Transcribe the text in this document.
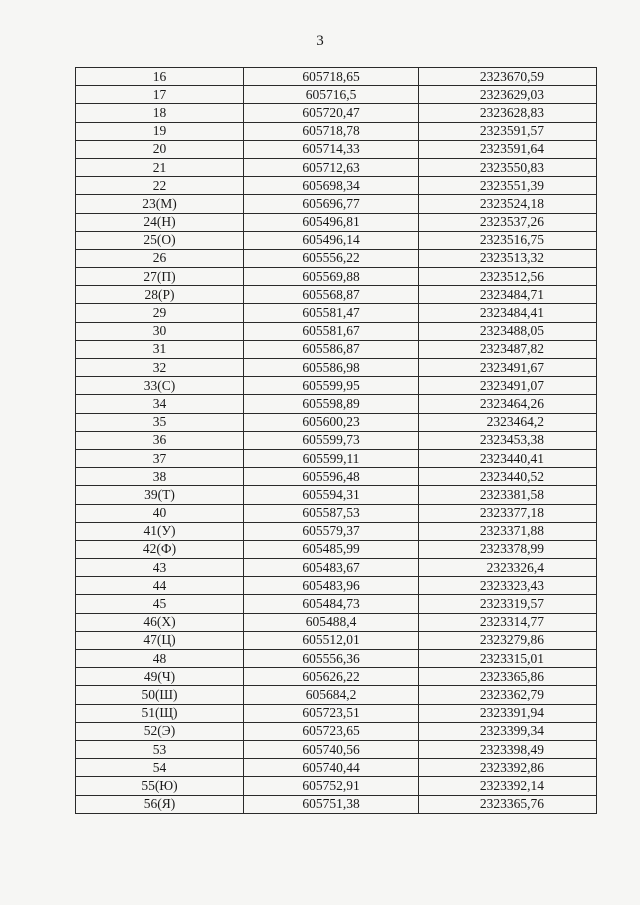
3
16	605718,65	2323670,59
17	605716,5	2323629,03
18	605720,47	2323628,83
19	605718,78	2323591,57
20	605714,33	2323591,64
21	605712,63	2323550,83
22	605698,34	2323551,39
23(М)	605696,77	2323524,18
24(Н)	605496,81	2323537,26
25(О)	605496,14	2323516,75
26	605556,22	2323513,32
27(П)	605569,88	2323512,56
28(Р)	605568,87	2323484,71
29	605581,47	2323484,41
30	605581,67	2323488,05
31	605586,87	2323487,82
32	605586,98	2323491,67
33(С)	605599,95	2323491,07
34	605598,89	2323464,26
35	605600,23	2323464,2
36	605599,73	2323453,38
37	605599,11	2323440,41
38	605596,48	2323440,52
39(Т)	605594,31	2323381,58
40	605587,53	2323377,18
41(У)	605579,37	2323371,88
42(Ф)	605485,99	2323378,99
43	605483,67	2323326,4
44	605483,96	2323323,43
45	605484,73	2323319,57
46(Х)	605488,4	2323314,77
47(Ц)	605512,01	2323279,86
48	605556,36	2323315,01
49(Ч)	605626,22	2323365,86
50(Ш)	605684,2	2323362,79
51(Щ)	605723,51	2323391,94
52(Э)	605723,65	2323399,34
53	605740,56	2323398,49
54	605740,44	2323392,86
55(Ю)	605752,91	2323392,14
56(Я)	605751,38	2323365,76
